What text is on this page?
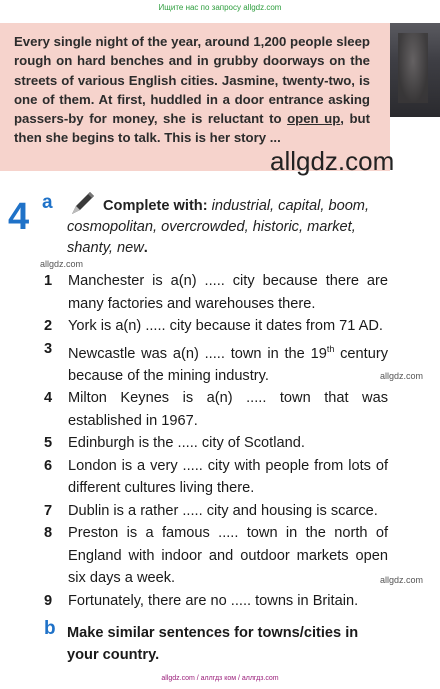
Ищите нас по запросу allgdz.com
Every single night of the year, around 1,200 people sleep rough on hard benches and in grubby doorways on the streets of various English cities. Jasmine, twenty-two, is one of them. At first, huddled in a door entrance asking passers-by for money, she is reluctant to open up, but then she begins to talk. This is her story ...
allgdz.com
4 a	Complete with: industrial, capital, boom, cosmopolitan, overcrowded, historic, market, shanty, new.
allgdz.com
allgdz.com
allgdz.com
1 Manchester is a(n) ..... city because there are many factories and warehouses there.
2 York is a(n) ..... city because it dates from 71 AD.
3 Newcastle was a(n) ..... town in the 19th century because of the mining industry.
4 Milton Keynes is a(n) ..... town that was established in 1967.
5 Edinburgh is the ..... city of Scotland.
6 London is a very ..... city with people from lots of different cultures living there.
7 Dublin is a rather ..... city and housing is scarce.
8 Preston is a famous ..... town in the north of England with indoor and outdoor markets open six days a week.
9 Fortunately, there are no ..... towns in Britain.
b Make similar sentences for towns/cities in your country.
allgdz.com / аллгдз ком / аллгдз.com
